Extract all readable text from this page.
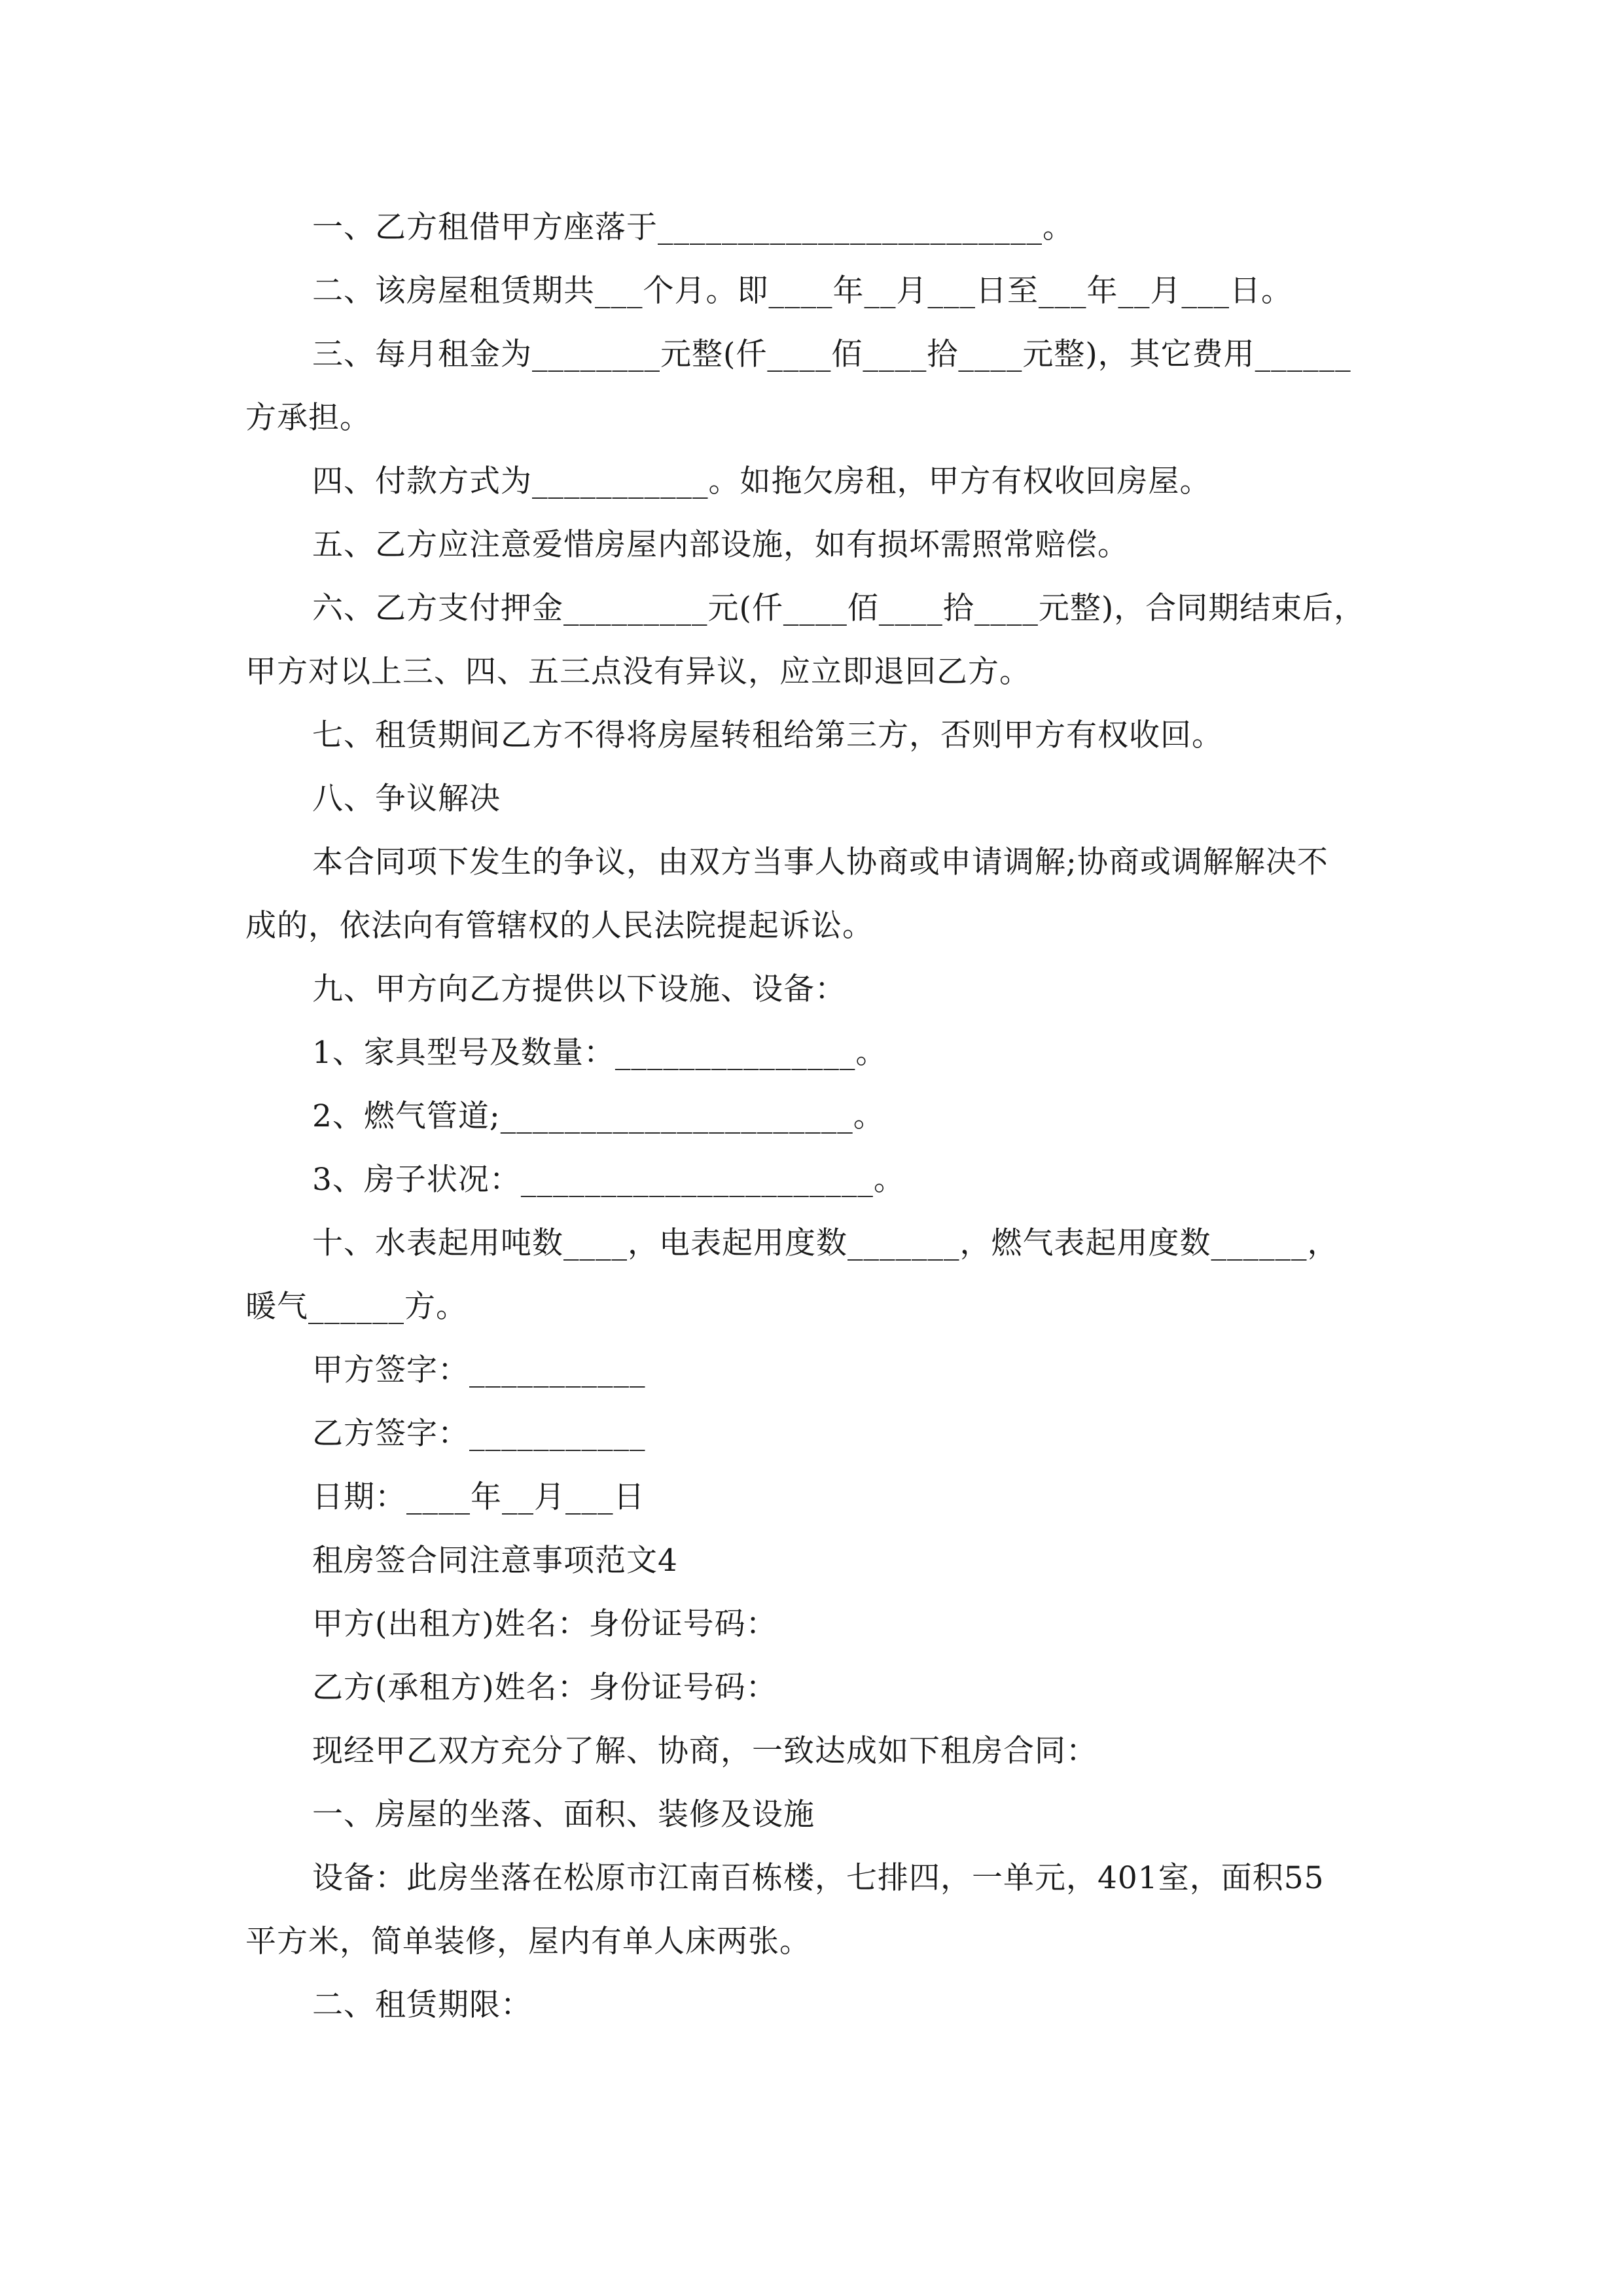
一、乙方租借甲方座落于________________________。
二、该房屋租赁期共___个月。即____年__月___日至___年__月___日。
三、每月租金为________元整(仟____佰____拾____元整)，其它费用______
方承担。
四、付款方式为___________。如拖欠房租，甲方有权收回房屋。
五、乙方应注意爱惜房屋内部设施，如有损坏需照常赔偿。
六、乙方支付押金_________元(仟____佰____拾____元整)，合同期结束后，
甲方对以上三、四、五三点没有异议，应立即退回乙方。
七、租赁期间乙方不得将房屋转租给第三方，否则甲方有权收回。
八、争议解决
本合同项下发生的争议，由双方当事人协商或申请调解;协商或调解解决不
成的，依法向有管辖权的人民法院提起诉讼。
九、甲方向乙方提供以下设施、设备：
1、家具型号及数量：_______________。
2、燃气管道;______________________。
3、房子状况：______________________。
十、水表起用吨数____，电表起用度数_______，燃气表起用度数______，
暖气______方。
甲方签字：___________
乙方签字：___________
日期：____年__月___日
租房签合同注意事项范文4
甲方(出租方)姓名：身份证号码：
乙方(承租方)姓名：身份证号码：
现经甲乙双方充分了解、协商，一致达成如下租房合同：
一、房屋的坐落、面积、装修及设施
设备：此房坐落在松原市江南百栋楼，七排四，一单元，401室，面积55
平方米，简单装修，屋内有单人床两张。
二、租赁期限：
